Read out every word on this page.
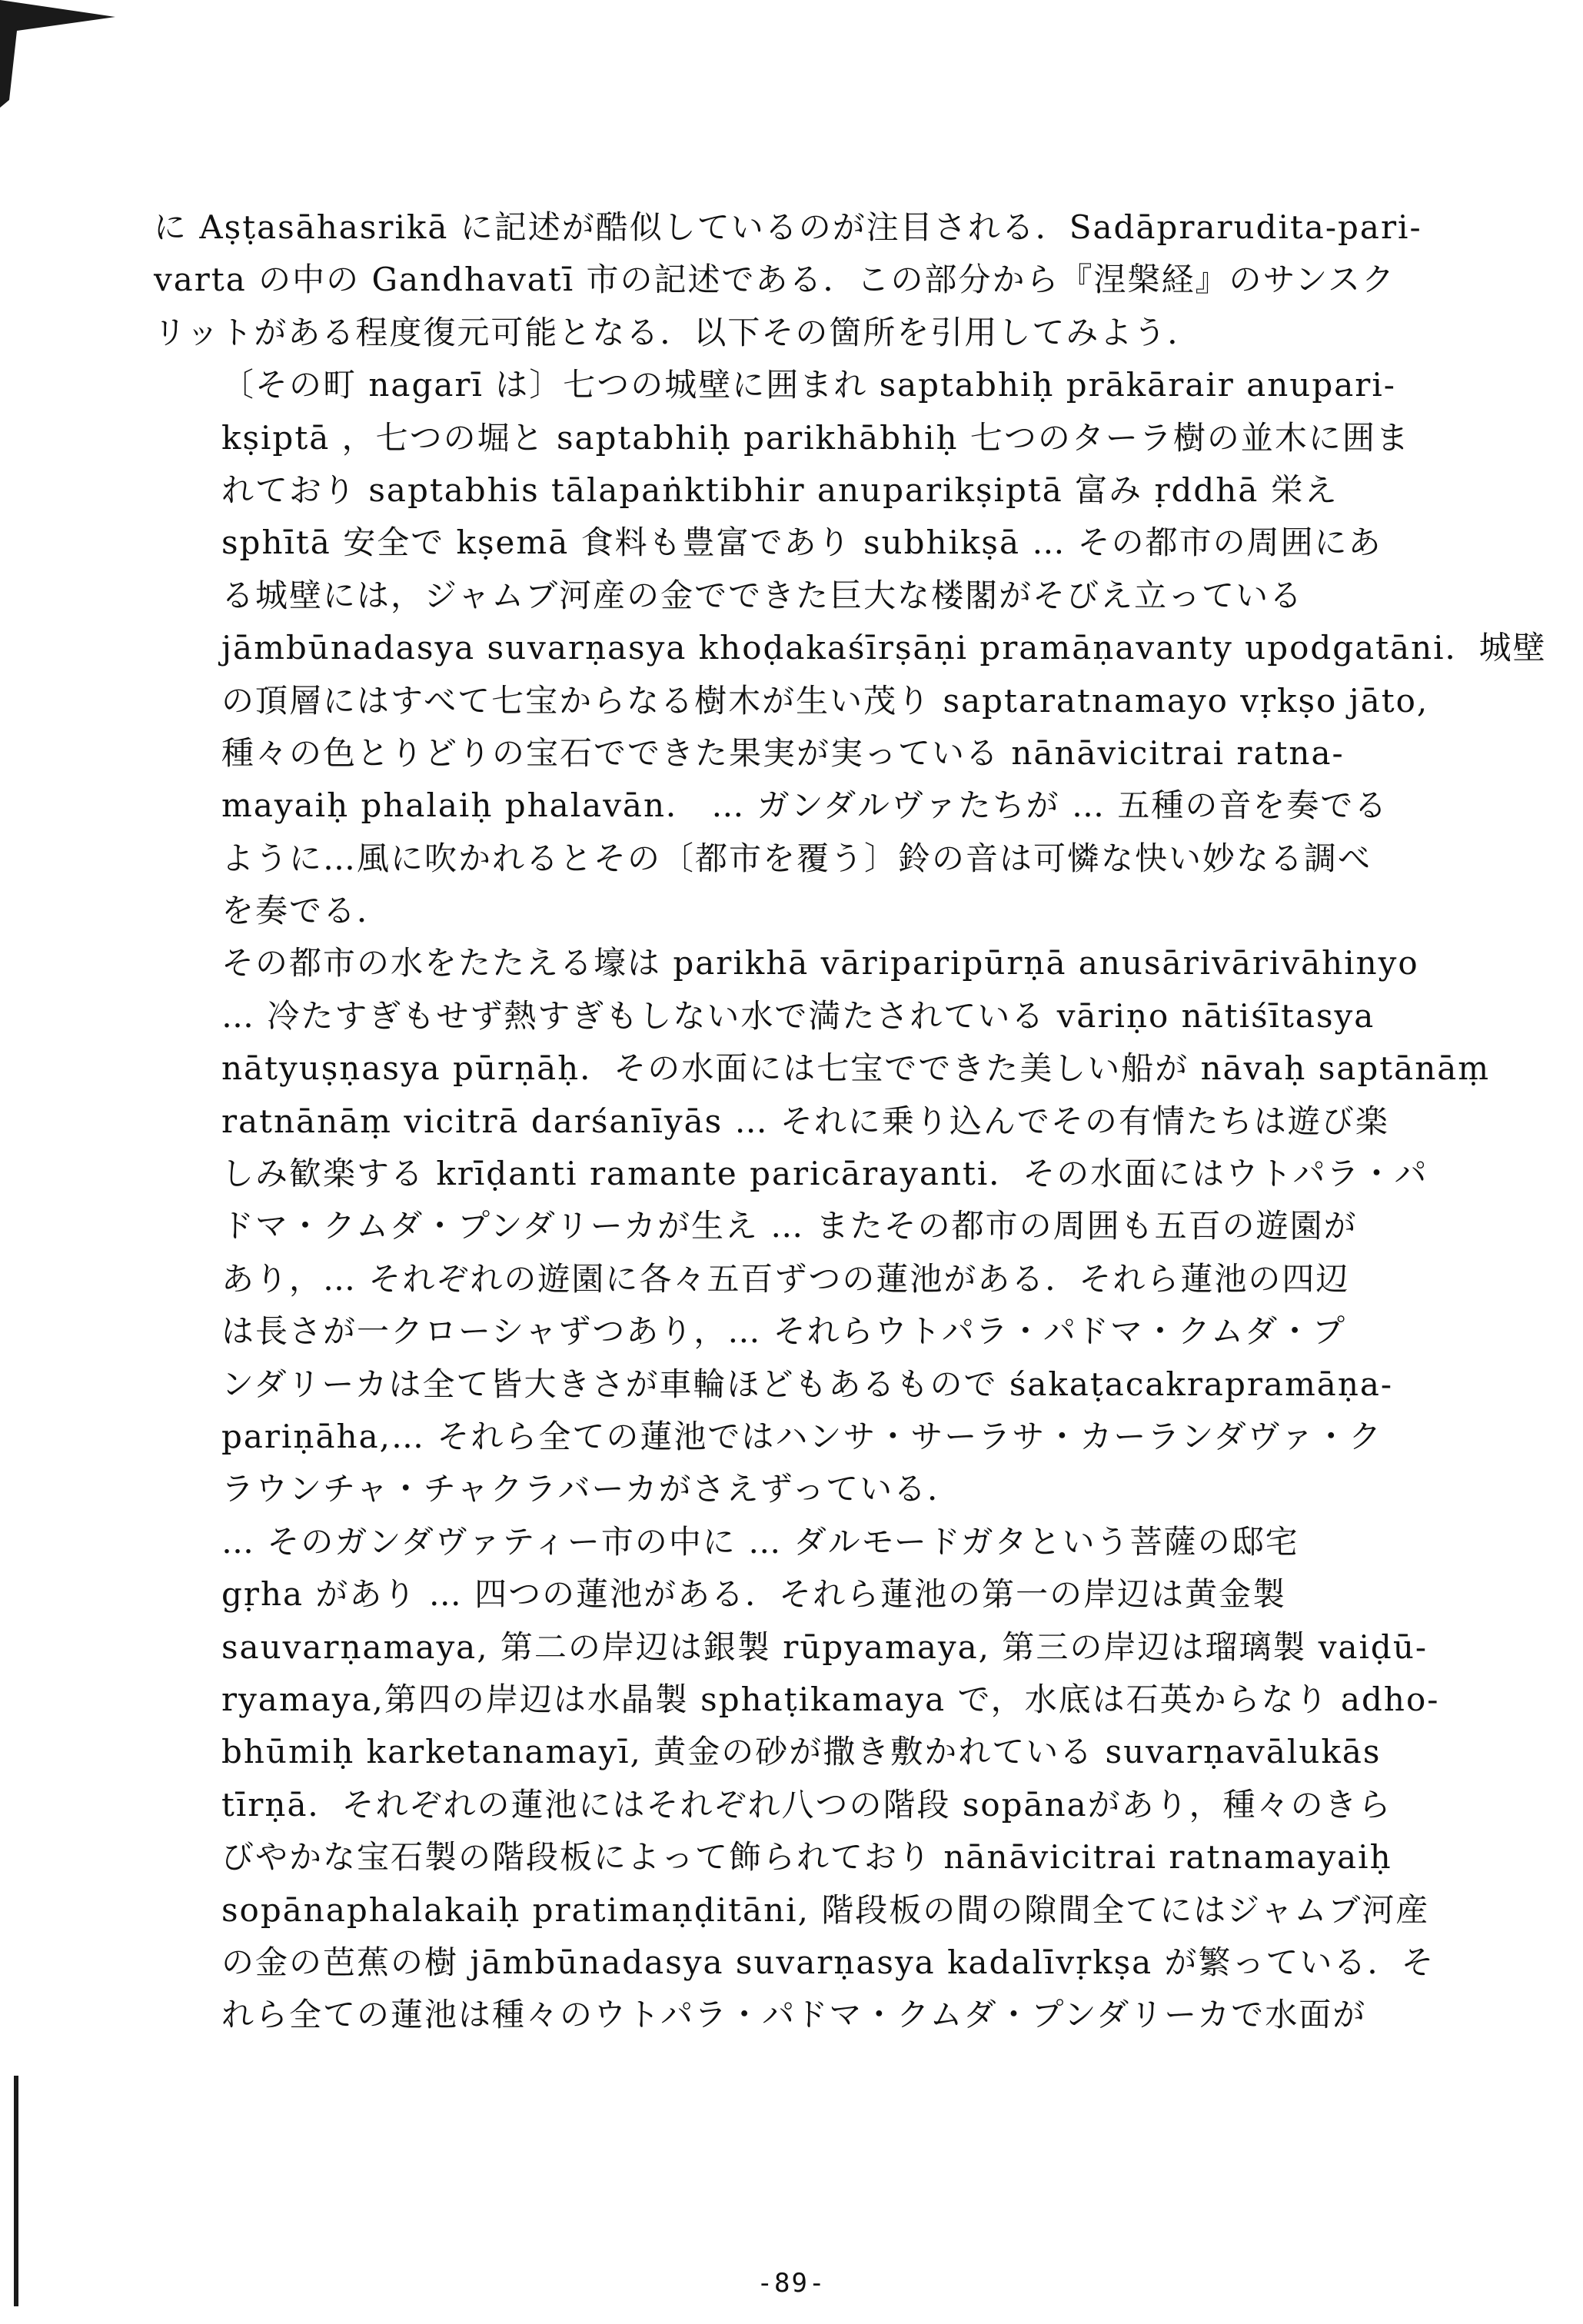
に Aṣṭasāhasrikā に記述が酷似しているのが注目される．Sadāprarudita-pari-
varta の中の Gandhavatī 市の記述である．この部分から『涅槃経』のサンスク
リットがある程度復元可能となる．以下その箇所を引用してみよう．
〔その町 nagarī は〕七つの城壁に囲まれ saptabhiḥ prākārair anupari-
kṣiptā ，七つの堀と saptabhiḥ parikhābhiḥ 七つのターラ樹の並木に囲ま
れており saptabhis tālapaṅktibhir anuparikṣiptā 富み ṛddhā 栄え
sphītā 安全で kṣemā 食料も豊富であり subhikṣā … その都市の周囲にあ
る城壁には，ジャムブ河産の金でできた巨大な楼閣がそびえ立っている
jāmbūnadasya suvarṇasya khoḍakaśīrṣāṇi pramāṇavanty upodgatāni．城壁
の頂層にはすべて七宝からなる樹木が生い茂り saptaratnamayo vṛkṣo jāto,
種々の色とりどりの宝石でできた果実が実っている nānāvicitrai ratna-
mayaiḥ phalaiḥ phalavān． … ガンダルヴァたちが … 五種の音を奏でる
ように…風に吹かれるとその〔都市を覆う〕鈴の音は可憐な快い妙なる調べ
を奏でる．
その都市の水をたたえる壕は parikhā vāriparipūrṇā anusārivārivāhinyo
… 冷たすぎもせず熱すぎもしない水で満たされている vāriṇo nātiśītasya
nātyuṣṇasya pūrṇāḥ．その水面には七宝でできた美しい船が nāvaḥ saptānāṃ
ratnānāṃ vicitrā darśanīyās … それに乗り込んでその有情たちは遊び楽
しみ歓楽する krīḍanti ramante paricārayanti．その水面にはウトパラ・パ
ドマ・クムダ・プンダリーカが生え … またその都市の周囲も五百の遊園が
あり，… それぞれの遊園に各々五百ずつの蓮池がある．それら蓮池の四辺
は長さが一クローシャずつあり，… それらウトパラ・パドマ・クムダ・プ
ンダリーカは全て皆大きさが車輪ほどもあるもので śakaṭacakrapramāṇa-
pariṇāha,… それら全ての蓮池ではハンサ・サーラサ・カーランダヴァ・ク
ラウンチャ・チャクラバーカがさえずっている．
… そのガンダヴァティー市の中に … ダルモードガタという菩薩の邸宅
gṛha があり … 四つの蓮池がある．それら蓮池の第一の岸辺は黄金製
sauvarṇamaya, 第二の岸辺は銀製 rūpyamaya, 第三の岸辺は瑠璃製 vaiḍū-
ryamaya,第四の岸辺は水晶製 sphaṭikamaya で，水底は石英からなり adho-
bhūmiḥ karketanamayī, 黄金の砂が撒き敷かれている suvarṇavālukās
tīrṇā．それぞれの蓮池にはそれぞれ八つの階段 sopānaがあり，種々のきら
びやかな宝石製の階段板によって飾られており nānāvicitrai ratnamayaiḥ
sopānaphalakaiḥ pratimaṇḍitāni, 階段板の間の隙間全てにはジャムブ河産
の金の芭蕉の樹 jāmbūnadasya suvarṇasya kadalīvṛkṣa が繁っている．そ
れら全ての蓮池は種々のウトパラ・パドマ・クムダ・プンダリーカで水面が
-89-
